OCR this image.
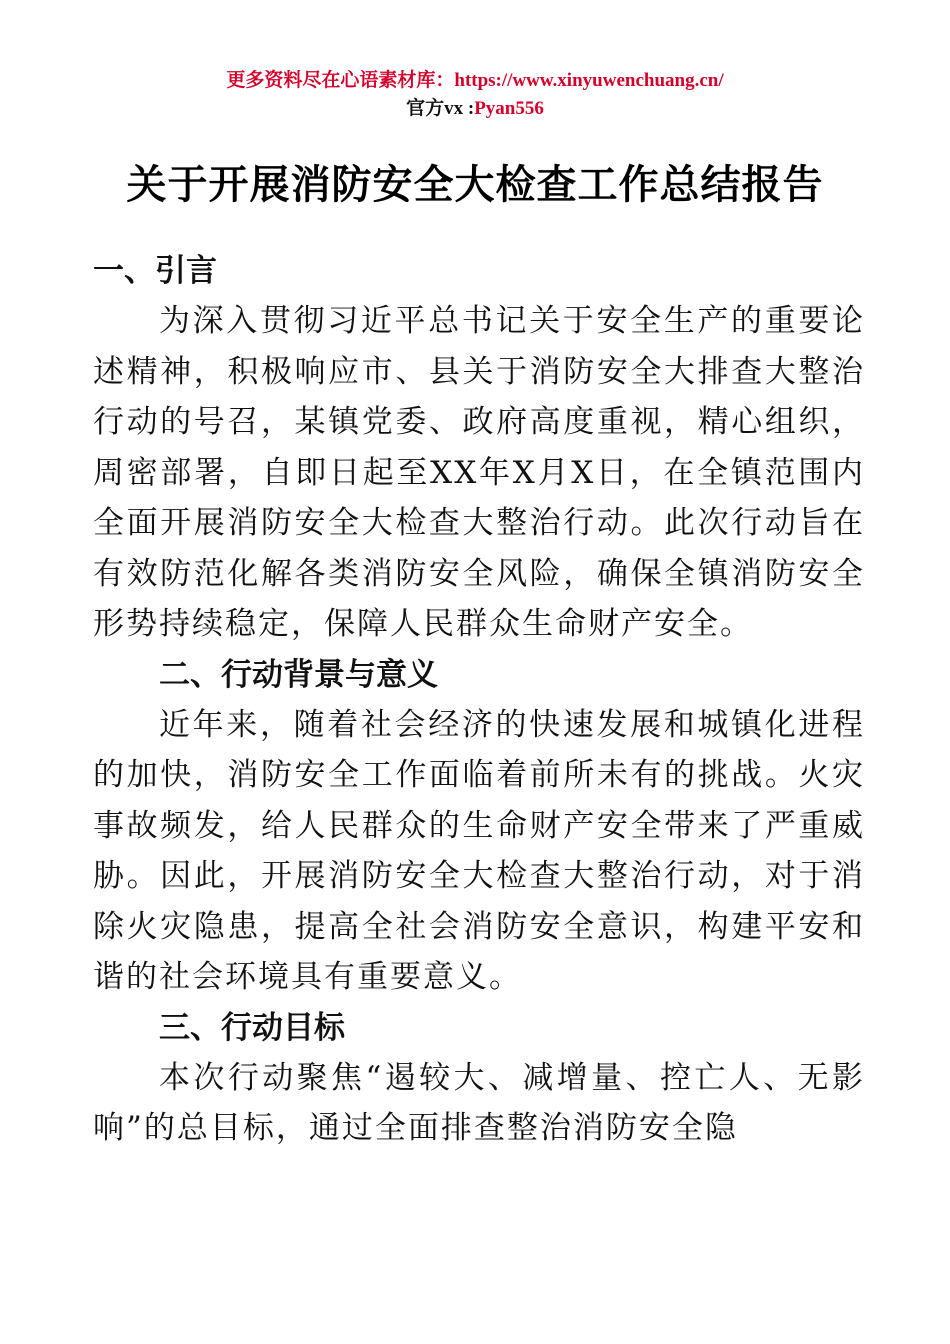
更多资料尽在心语素材库：https://www.xinyuwenchuang.cn/
官方vx :Pyan556
关于开展消防安全大检查工作总结报告
一、引言

为深入贯彻习近平总书记关于安全生产的重要论述精神，积极响应市、县关于消防安全大排查大整治行动的号召，某镇党委、政府高度重视，精心组织，周密部署，自即日起至XX年X月X日，在全镇范围内全面开展消防安全大检查大整治行动。此次行动旨在有效防范化解各类消防安全风险，确保全镇消防安全形势持续稳定，保障人民群众生命财产安全。

二、行动背景与意义

近年来，随着社会经济的快速发展和城镇化进程的加快，消防安全工作面临着前所未有的挑战。火灾事故频发，给人民群众的生命财产安全带来了严重威胁。因此，开展消防安全大检查大整治行动，对于消除火灾隐患，提高全社会消防安全意识，构建平安和谐的社会环境具有重要意义。

三、行动目标

本次行动聚焦“遏较大、减增量、控亡人、无影响”的总目标，通过全面排查整治消防安全隐
